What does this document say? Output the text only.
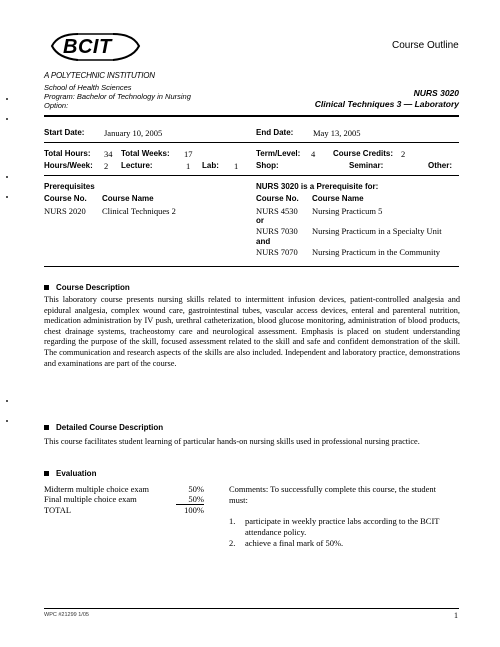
BCIT	Course Outline
A POLYTECHNIC INSTITUTION
School of Health Sciences
Program: Bachelor of Technology in Nursing
Option:
NURS 3020
Clinical Techniques 3 — Laboratory
Start Date: January 10, 2005	End Date: May 13, 2005
Total Hours: 34 Total Weeks: 17	Term/Level: 4 Course Credits: 2
Hours/Week: 2 Lecture:	1 Lab: 1 Shop:	Seminar:	Other:
Prerequisites
Course No. Course Name
NURS 2020 Clinical Techniques 2
NURS 3020 is a Prerequisite for:
Course No. Course Name
NURS 4530 Nursing Practicum 5
or
NURS 7030 Nursing Practicum in a Specialty Unit
and
NURS 7070 Nursing Practicum in the Community
Course Description
This laboratory course presents nursing skills related to intermittent infusion devices, patient-controlled analgesia and epidural analgesia, complex wound care, gastrointestinal tubes, vascular access devices, enteral and parenteral nutrition, medication administration by IV push, urethral catheterization, blood glucose monitoring, administration of blood products, chest drainage systems, tracheostomy care and neurological assessment. Emphasis is placed on student understanding regarding the purpose of the skill, focused assessment related to the skill and safe and confident demonstration of the skill. The communication and research aspects of the skills are also included. Independent and laboratory practice, demonstrations and examinations are part of the course.
Detailed Course Description
This course facilitates student learning of particular hands-on nursing skills used in professional nursing practice.
Evaluation
Midterm multiple choice exam	50%
Final multiple choice exam	50%
TOTAL	100%
Comments: To successfully complete this course, the student must:
1. participate in weekly practice labs according to the BCIT attendance policy.
2. achieve a final mark of 50%.
WPC #21299 1/05	1
